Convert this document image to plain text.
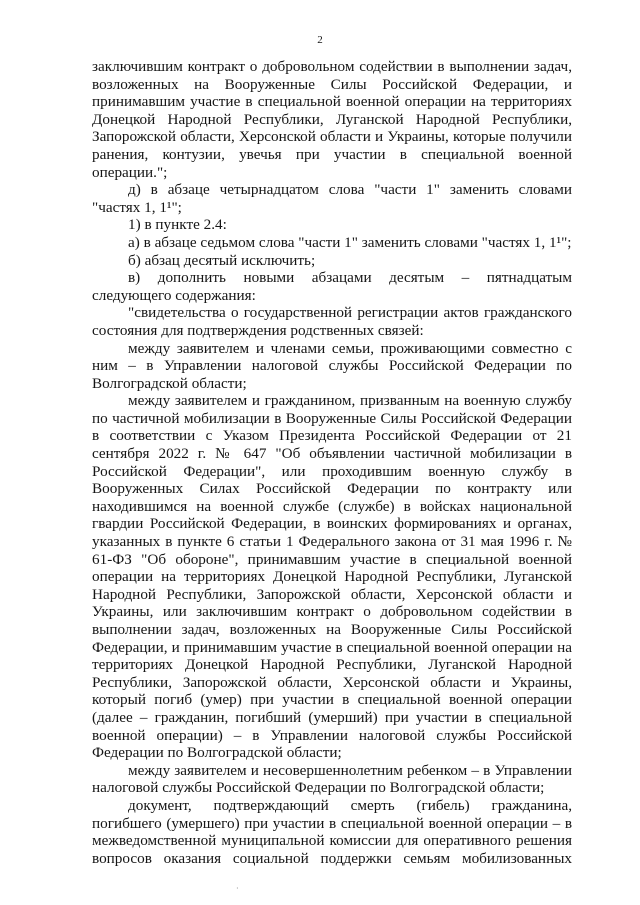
2

заключившим контракт о добровольном содействии в выполнении задач, возложенных на Вооруженные Силы Российской Федерации, и принимавшим участие в специальной военной операции на территориях Донецкой Народной Республики, Луганской Народной Республики, Запорожской области, Херсонской области и Украины, которые получили ранения, контузии, увечья при участии в специальной военной операции.";

д) в абзаце четырнадцатом слова "части 1" заменить словами "частях 1, 1¹";

1) в пункте 2.4:

а) в абзаце седьмом слова "части 1" заменить словами "частях 1, 1¹";

б) абзац десятый исключить;

в) дополнить новыми абзацами десятым – пятнадцатым следующего содержания:

"свидетельства о государственной регистрации актов гражданского состояния для подтверждения родственных связей:

между заявителем и членами семьи, проживающими совместно с ним – в Управлении налоговой службы Российской Федерации по Волгоградской области;

между заявителем и гражданином, призванным на военную службу по частичной мобилизации в Вооруженные Силы Российской Федерации в соответствии с Указом Президента Российской Федерации от 21 сентября 2022 г. № 647 "Об объявлении частичной мобилизации в Российской Федерации", или проходившим военную службу в Вооруженных Силах Российской Федерации по контракту или находившимся на военной службе (службе) в войсках национальной гвардии Российской Федерации, в воинских формированиях и органах, указанных в пункте 6 статьи 1 Федерального закона от 31 мая 1996 г. № 61-ФЗ "Об обороне", принимавшим участие в специальной военной операции на территориях Донецкой Народной Республики, Луганской Народной Республики, Запорожской области, Херсонской области и Украины, или заключившим контракт о добровольном содействии в выполнении задач, возложенных на Вооруженные Силы Российской Федерации, и принимавшим участие в специальной военной операции на территориях Донецкой Народной Республики, Луганской Народной Республики, Запорожской области, Херсонской области и Украины, который погиб (умер) при участии в специальной военной операции (далее – гражданин, погибший (умерший) при участии в специальной военной операции) – в Управлении налоговой службы Российской Федерации по Волгоградской области;

между заявителем и несовершеннолетним ребенком – в Управлении налоговой службы Российской Федерации по Волгоградской области;

документ, подтверждающий смерть (гибель) гражданина, погибшего (умершего) при участии в специальной военной операции – в межведомственной муниципальной комиссии для оперативного решения вопросов оказания социальной поддержки семьям мобилизованных

·
